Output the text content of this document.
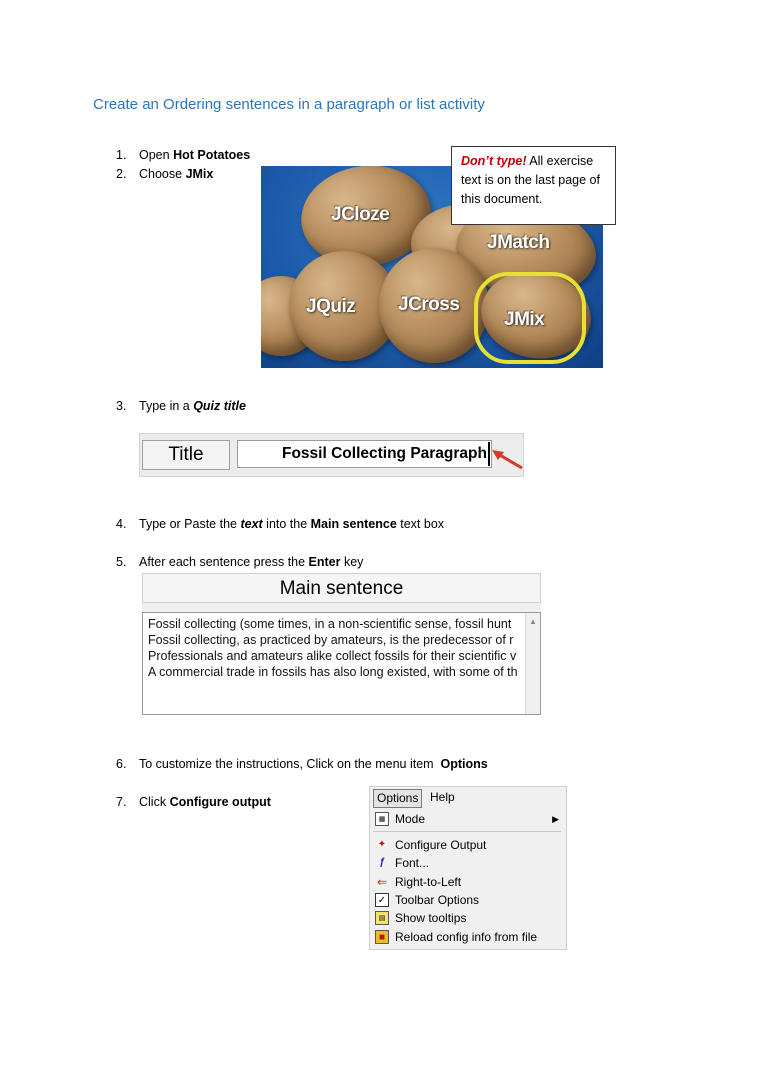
Create an Ordering sentences in a paragraph or list activity
1. Open Hot Potatoes
2. Choose JMix
3. Type in a Quiz title
4. Type or Paste the text into the Main sentence text box
5. After each sentence press the Enter key
6. To customize the instructions, Click on the menu item  Options
7. Click Configure output
JCloze
JMatch
JQuiz JCross
JMix
Don’t type! All exercise text is on the last page of this document.
Title	Fossil Collecting Paragraph
Main sentence
Fossil collecting (some times, in a non-scientific sense, fossil hunt
Fossil collecting, as practiced by amateurs, is the predecessor of r
Professionals and amateurs alike collect fossils for their scientific v
A commercial trade in fossils has also long existed, with some of th
▲
Options Help
▦ Mode	▶
✦ Configure Output
ƒ Font...
⇐ Right-to-Left
✓ Toolbar Options
▤ Show tooltips
■ Reload config info from file
